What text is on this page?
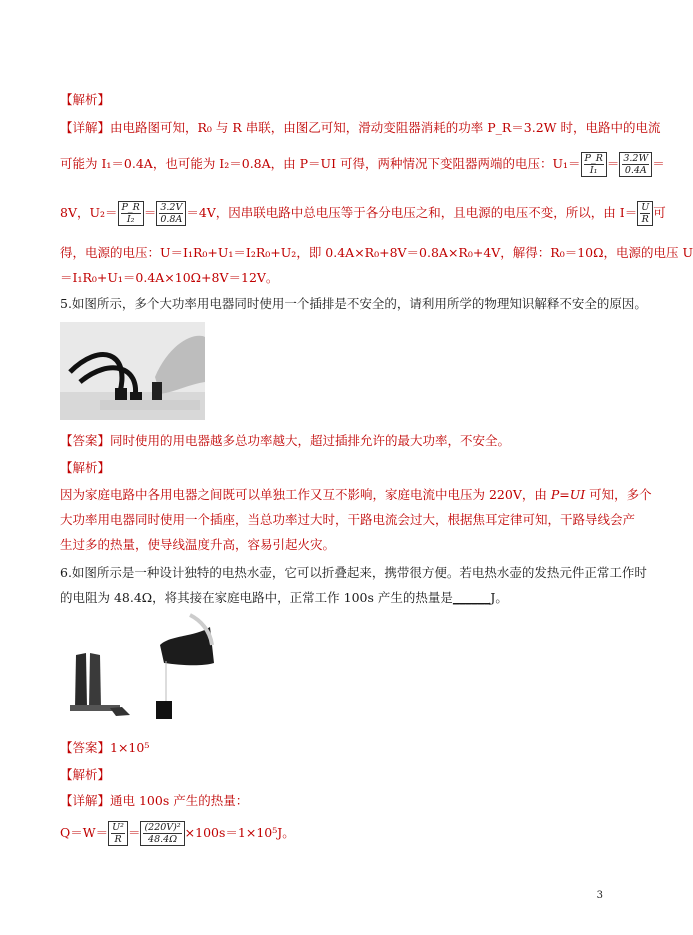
【解析】
【详解】由电路图可知，R₀ 与 R 串联，由图乙可知，滑动变阻器消耗的功率 P_R＝3.2W 时，电路中的电流
可能为 I₁＝0.4A，也可能为 I₂＝0.8A，由 P＝UI 可得，两种情况下变阻器两端的电压：$U_1= \frac{P\_R}{\text{I₁}} = \frac{3.2W}{0.4A}$ ＝
8V，$U_2= \frac{P\_R}{\text{I₂}} = \frac{3.2V}{0.8A} =4V$，因串联电路中总电压等于各分电压之和，且电源的电压不变，所以，由 $I= \frac{U}{R}$ 可
得，电源的电压：U＝I₁R₀+U₁＝I₂R₀+U₂，即 0.4A×R₀+8V＝0.8A×R₀+4V，解得：R₀＝10Ω，电源的电压 U
＝I₁R₀+U₁＝0.4A×10Ω+8V＝12V。
5.如图所示，多个大功率用电器同时使用一个插排是不安全的，请利用所学的物理知识解释不安全的原因。
【答案】同时使用的用电器越多总功率越大，超过插排允许的最大功率，不安全。
【解析】
因为家庭电路中各用电器之间既可以单独工作又互不影响，家庭电流中电压为 220V，由 P=UI 可知，多个
大功率用电器同时使用一个插座，当总功率过大时，干路电流会过大，根据焦耳定律可知，干路导线会产
生过多的热量，使导线温度升高，容易引起火灾。
6.如图所示是一种设计独特的电热水壶，它可以折叠起来，携带很方便。若电热水壶的发热元件正常工作时
的电阻为 48.4Ω，将其接在家庭电路中，正常工作 100s 产生的热量是______J。
【答案】1×10⁵
【解析】
【详解】通电 100s 产生的热量：
$Q=W= \frac{\text{U²}}{R} = \frac{\text{(220V)²}}{48.4\Omega} \times 100s=1\times 10^5J$。
3
